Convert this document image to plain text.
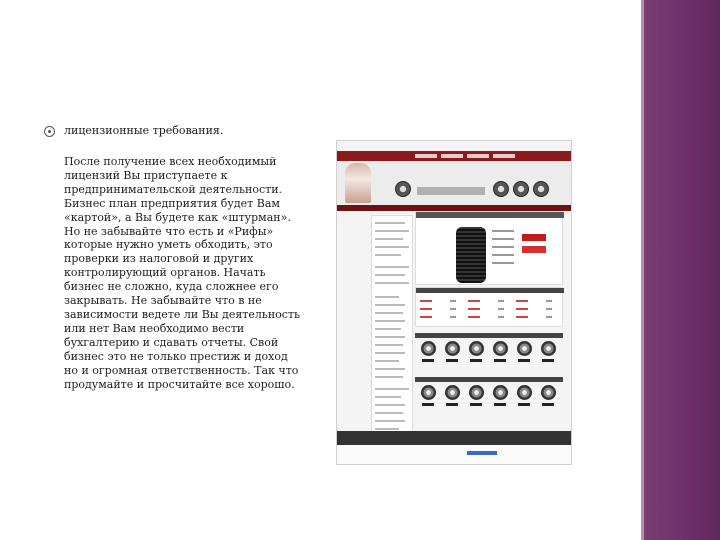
лицензионные требования.
После получение всех необходимый
лицензий Вы приступаете к
предпринимательской деятельности.
Бизнес план предприятия будет Вам
«картой», а Вы будете как «штурман».
Но не забывайте что есть и «Рифы»
которые нужно уметь обходить, это
проверки из налоговой и других
контролирующий органов. Начать
бизнес не сложно, куда сложнее его
закрывать. Не забывайте что в не
зависимости ведете ли Вы деятельность
или нет Вам необходимо вести
бухгалтерию и сдавать отчеты. Свой
бизнес это не только престиж и доход
но и огромная ответственность. Так что
продумайте и просчитайте все хорошо.
